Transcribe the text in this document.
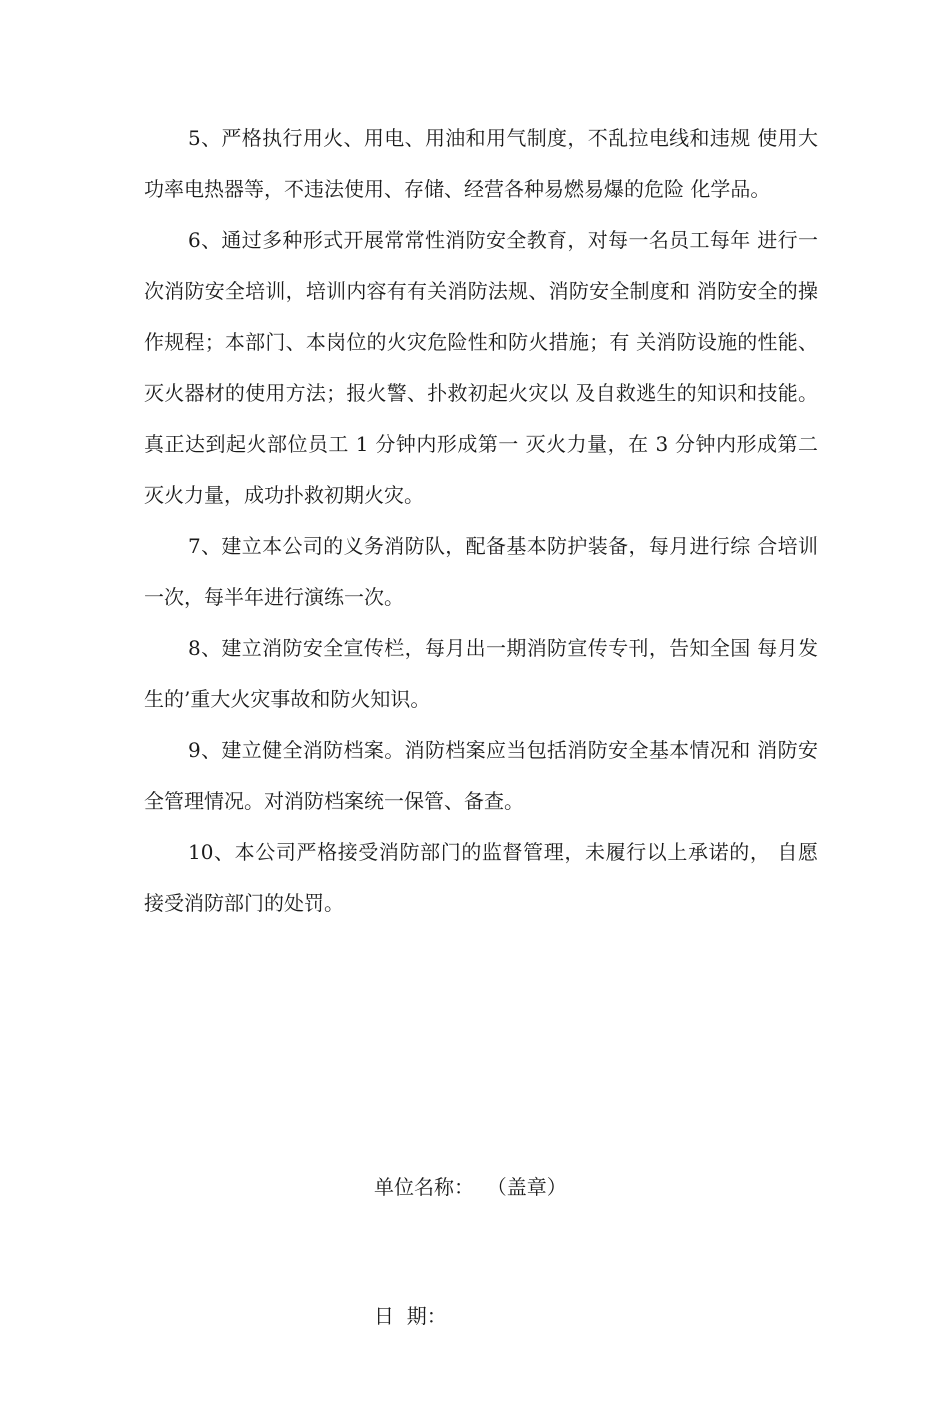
5、严格执行用火、用电、用油和用气制度，不乱拉电线和违规 使用大功率电热器等，不违法使用、存储、经营各种易燃易爆的危险 化学品。

6、通过多种形式开展常常性消防安全教育，对每一名员工每年 进行一次消防安全培训，培训内容有有关消防法规、消防安全制度和 消防安全的操作规程；本部门、本岗位的火灾危险性和防火措施；有 关消防设施的性能、灭火器材的使用方法；报火警、扑救初起火灾以 及自救逃生的知识和技能。真正达到起火部位员工 1 分钟内形成第一 灭火力量，在 3 分钟内形成第二灭火力量，成功扑救初期火灾。

7、建立本公司的义务消防队，配备基本防护装备，每月进行综 合培训一次，每半年进行演练一次。

8、建立消防安全宣传栏，每月出一期消防宣传专刊，告知全国 每月发生的’重大火灾事故和防火知识。

9、建立健全消防档案。消防档案应当包括消防安全基本情况和 消防安全管理情况。对消防档案统一保管、备查。

10、本公司严格接受消防部门的监督管理，未履行以上承诺的， 自愿接受消防部门的处罚。

单位名称：  （盖章）

日  期：
